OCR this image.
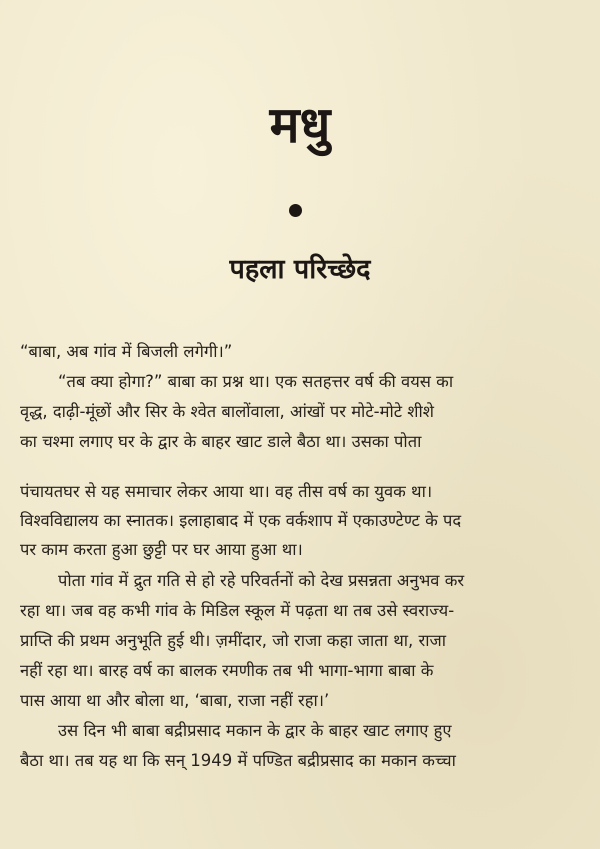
मधु
पहला परिच्छेद
“बाबा, अब गांव में बिजली लगेगी।”
“तब क्या होगा?” बाबा का प्रश्न था। एक सतहत्तर वर्ष की वयस का
वृद्ध, दाढ़ी-मूंछों और सिर के श्वेत बालोंवाला, आंखों पर मोटे-मोटे शीशे
का चश्मा लगाए घर के द्वार के बाहर खाट डाले बैठा था। उसका पोता
पंचायतघर से यह समाचार लेकर आया था। वह तीस वर्ष का युवक था।
विश्वविद्यालय का स्नातक। इलाहाबाद में एक वर्कशाप में एकाउण्टेण्ट के पद
पर काम करता हुआ छुट्टी पर घर आया हुआ था।
पोता गांव में द्रुत गति से हो रहे परिवर्तनों को देख प्रसन्नता अनुभव कर
रहा था। जब वह कभी गांव के मिडिल स्कूल में पढ़ता था तब उसे स्वराज्य-
प्राप्ति की प्रथम अनुभूति हुई थी। ज़मींदार, जो राजा कहा जाता था, राजा
नहीं रहा था। बारह वर्ष का बालक रमणीक तब भी भागा-भागा बाबा के
पास आया था और बोला था, ‘बाबा, राजा नहीं रहा।’
उस दिन भी बाबा बद्रीप्रसाद मकान के द्वार के बाहर खाट लगाए हुए
बैठा था। तब यह था कि सन् 1949 में पण्डित बद्रीप्रसाद का मकान कच्चा
